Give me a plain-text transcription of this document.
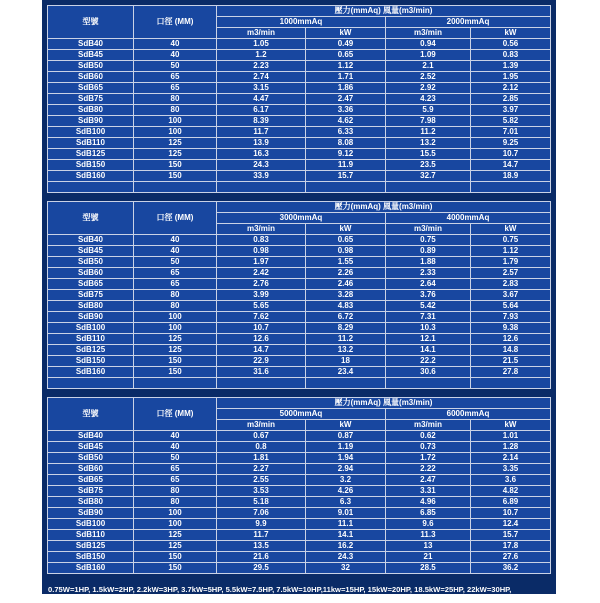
型號	口徑 (MM)	壓力(mmAq) 風量(m3/min)			
		1000mmAq		2000mmAq	
		m3/min	kW	m3/min	kW
SdB40	40	1.05	0.49	0.94	0.56
SdB45	40	1.2	0.65	1.09	0.83
SdB50	50	2.23	1.12	2.1	1.39
SdB60	65	2.74	1.71	2.52	1.95
SdB65	65	3.15	1.86	2.92	2.12
SdB75	80	4.47	2.47	4.23	2.85
SdB80	80	6.17	3.36	5.9	3.97
SdB90	100	8.39	4.62	7.98	5.82
SdB100	100	11.7	6.33	11.2	7.01
SdB110	125	13.9	8.08	13.2	9.25
SdB125	125	16.3	9.12	15.5	10.7
SdB150	150	24.3	11.9	23.5	14.7
SdB160	150	33.9	15.7	32.7	18.9

型號	口徑 (MM)	壓力(mmAq) 風量(m3/min)			
		3000mmAq		4000mmAq	
		m3/min	kW	m3/min	kW
SdB40	40	0.83	0.65	0.75	0.75
SdB45	40	0.98	0.98	0.89	1.12
SdB50	50	1.97	1.55	1.88	1.79
SdB60	65	2.42	2.26	2.33	2.57
SdB65	65	2.76	2.46	2.64	2.83
SdB75	80	3.99	3.28	3.76	3.67
SdB80	80	5.65	4.83	5.42	5.64
SdB90	100	7.62	6.72	7.31	7.93
SdB100	100	10.7	8.29	10.3	9.38
SdB110	125	12.6	11.2	12.1	12.6
SdB125	125	14.7	13.2	14.1	14.8
SdB150	150	22.9	18	22.2	21.5
SdB160	150	31.6	23.4	30.6	27.8

型號	口徑 (MM)	壓力(mmAq) 風量(m3/min)			
		5000mmAq		6000mmAq	
		m3/min	kW	m3/min	kW
SdB40	40	0.67	0.87	0.62	1.01
SdB45	40	0.8	1.19	0.73	1.28
SdB50	50	1.81	1.94	1.72	2.14
SdB60	65	2.27	2.94	2.22	3.35
SdB65	65	2.55	3.2	2.47	3.6
SdB75	80	3.53	4.26	3.31	4.82
SdB80	80	5.18	6.3	4.96	6.89
SdB90	100	7.06	9.01	6.85	10.7
SdB100	100	9.9	11.1	9.6	12.4
SdB110	125	11.7	14.1	11.3	15.7
SdB125	125	13.5	16.2	13	17.8
SdB150	150	21.6	24.3	21	27.6
SdB160	150	29.5	32	28.5	36.2
0.75W=1HP, 1.5kW=2HP, 2.2kW=3HP, 3.7kW=5HP, 5.5kW=7.5HP, 7.5kW=10HP,11kw=15HP, 15kW=20HP, 18.5kW=25HP, 22kW=30HP,
30kW=40HP, 37kW=50HP, 45kW=60HP
